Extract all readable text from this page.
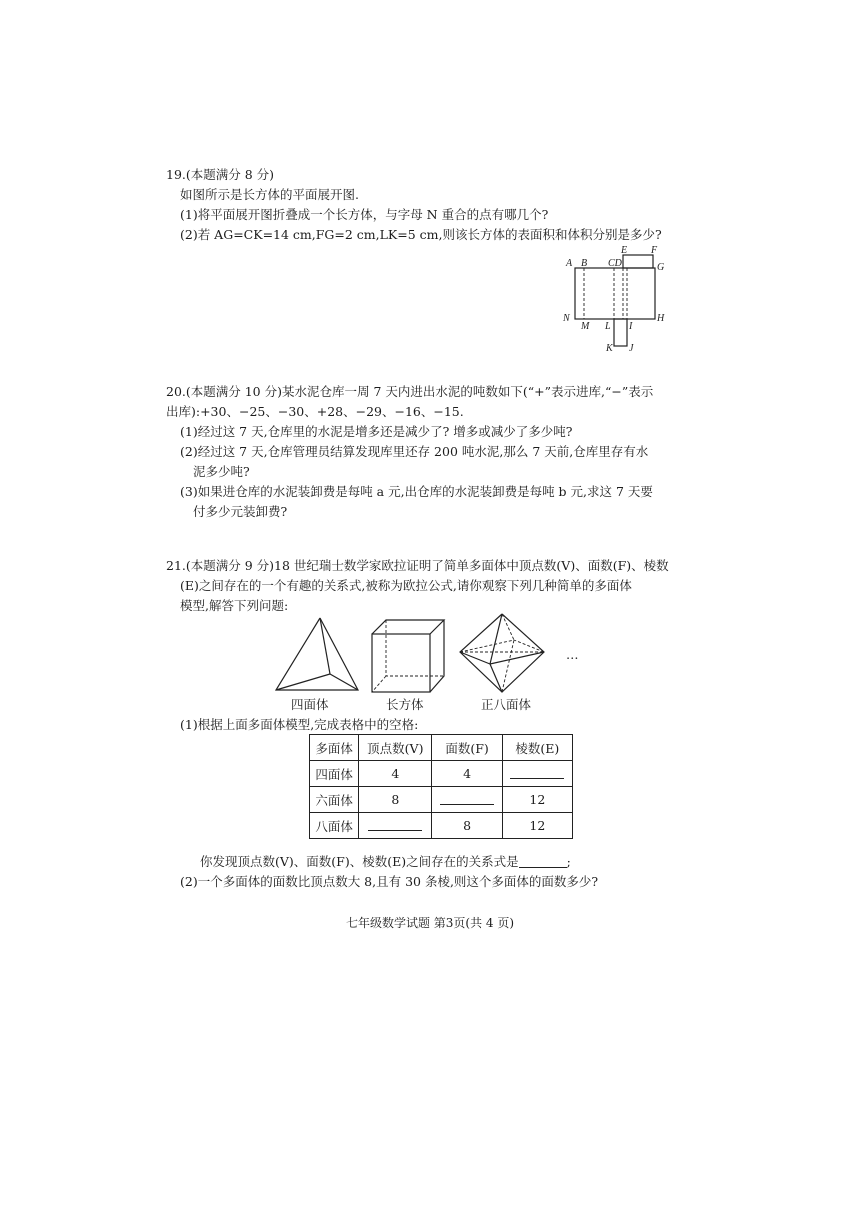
19.(本题满分 8 分)
如图所示是长方体的平面展开图.
(1)将平面展开图折叠成一个长方体，与字母 N 重合的点有哪几个?
(2)若 AG=CK=14 cm,FG=2 cm,LK=5 cm,则该长方体的表面积和体积分别是多少?
A B CD
E F
G
N
M L I
H
K J
20.(本题满分 10 分)某水泥仓库一周 7 天内进出水泥的吨数如下(“+”表示进库,“−”表示
出库):+30、−25、−30、+28、−29、−16、−15.
(1)经过这 7 天,仓库里的水泥是增多还是减少了? 增多或减少了多少吨?
(2)经过这 7 天,仓库管理员结算发现库里还存 200 吨水泥,那么 7 天前,仓库里存有水
泥多少吨?
(3)如果进仓库的水泥装卸费是每吨 a 元,出仓库的水泥装卸费是每吨 b 元,求这 7 天要
付多少元装卸费?
21.(本题满分 9 分)18 世纪瑞士数学家欧拉证明了简单多面体中顶点数(V)、面数(F)、棱数
(E)之间存在的一个有趣的关系式,被称为欧拉公式,请你观察下列几种简单的多面体
模型,解答下列问题:
四面体	长方体	正八面体
…
(1)根据上面多面体模型,完成表格中的空格:
多面体	顶点数(V)	面数(F)	棱数(E)
四面体	4	4	
六面体	8		12
八面体		8	12
你发现顶点数(V)、面数(F)、棱数(E)之间存在的关系式是	;
(2)一个多面体的面数比顶点数大 8,且有 30 条棱,则这个多面体的面数多少?
七年级数学试题 第3页(共 4 页)
